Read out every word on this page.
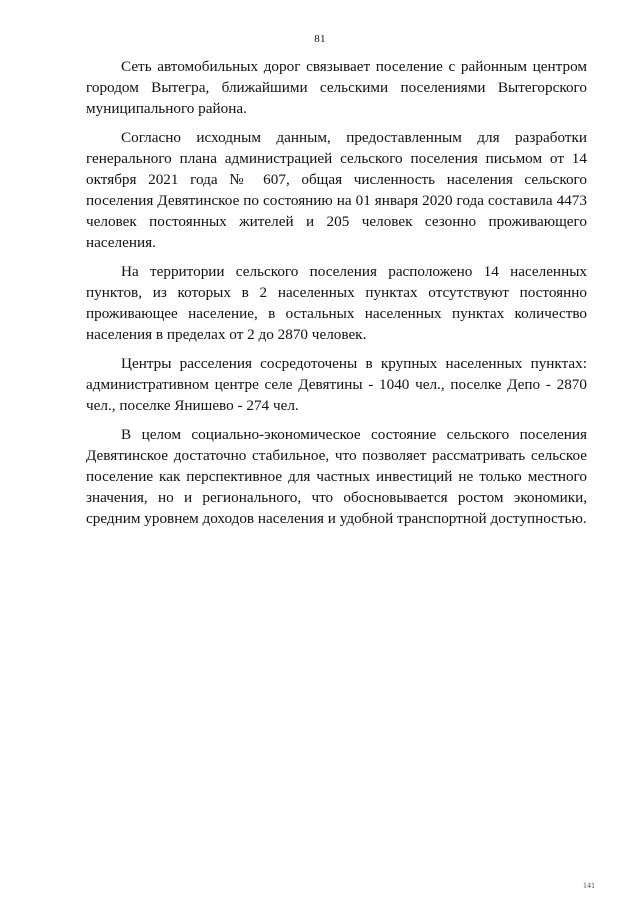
81

Сеть автомобильных дорог связывает поселение с районным центром городом Вытегра, ближайшими сельскими поселениями Вытегорского муниципального района.

Согласно исходным данным, предоставленным для разработки генерального плана администрацией сельского поселения письмом от 14 октября 2021 года № 607, общая численность населения сельского поселения Девятинское по состоянию на 01 января 2020 года составила 4473 человек постоянных жителей и 205 человек сезонно проживающего населения.

На территории сельского поселения расположено 14 населенных пунктов, из которых в 2 населенных пунктах отсутствуют постоянно проживающее население, в остальных населенных пунктах количество населения в пределах от 2 до 2870 человек.

Центры расселения сосредоточены в крупных населенных пунктах: административном центре селе Девятины - 1040 чел., поселке Депо - 2870 чел., поселке Янишево - 274 чел.

В целом социально-экономическое состояние сельского поселения Девятинское достаточно стабильное, что позволяет рассматривать сельское поселение как перспективное для частных инвестиций не только местного значения, но и регионального, что обосновывается ростом экономики, средним уровнем доходов населения и удобной транспортной доступностью.

141
